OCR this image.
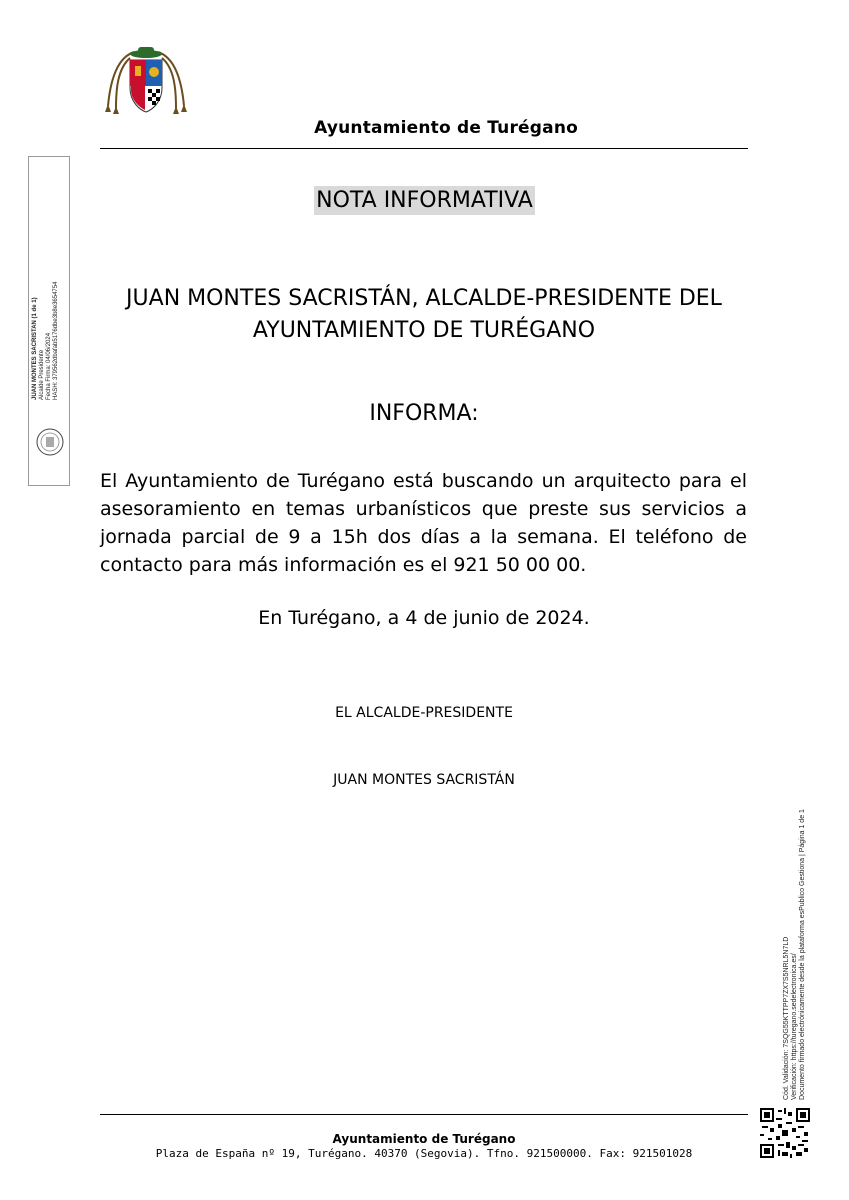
Ayuntamiento de Turégano
JUAN MONTES SACRISTAN (1 de 1) Alcalde Presidente Fecha Firma: 04/06/2024 HASH: 379562dbafab5176dbe3b8e3654754
NOTA INFORMATIVA
JUAN MONTES SACRISTÁN, ALCALDE-PRESIDENTE DEL
AYUNTAMIENTO DE TURÉGANO
INFORMA:
El Ayuntamiento de Turégano está buscando un arquitecto para el asesoramiento en temas urbanísticos que preste sus servicios a jornada parcial de 9 a 15h dos días a la semana. El teléfono de contacto para más información es el 921 50 00 00.
En Turégano, a 4 de junio de 2024.
EL ALCALDE-PRESIDENTE
JUAN MONTES SACRISTÁN
Cód. Validación: 7SQG55KTTPP7ZX7S5NRL5N7LD Verificación: https://turegano.sedelectronica.es/ Documento firmado electrónicamente desde la plataforma esPublico Gestiona | Página 1 de 1
Ayuntamiento de Turégano
Plaza de España nº 19, Turégano. 40370 (Segovia). Tfno. 921500000. Fax: 921501028
